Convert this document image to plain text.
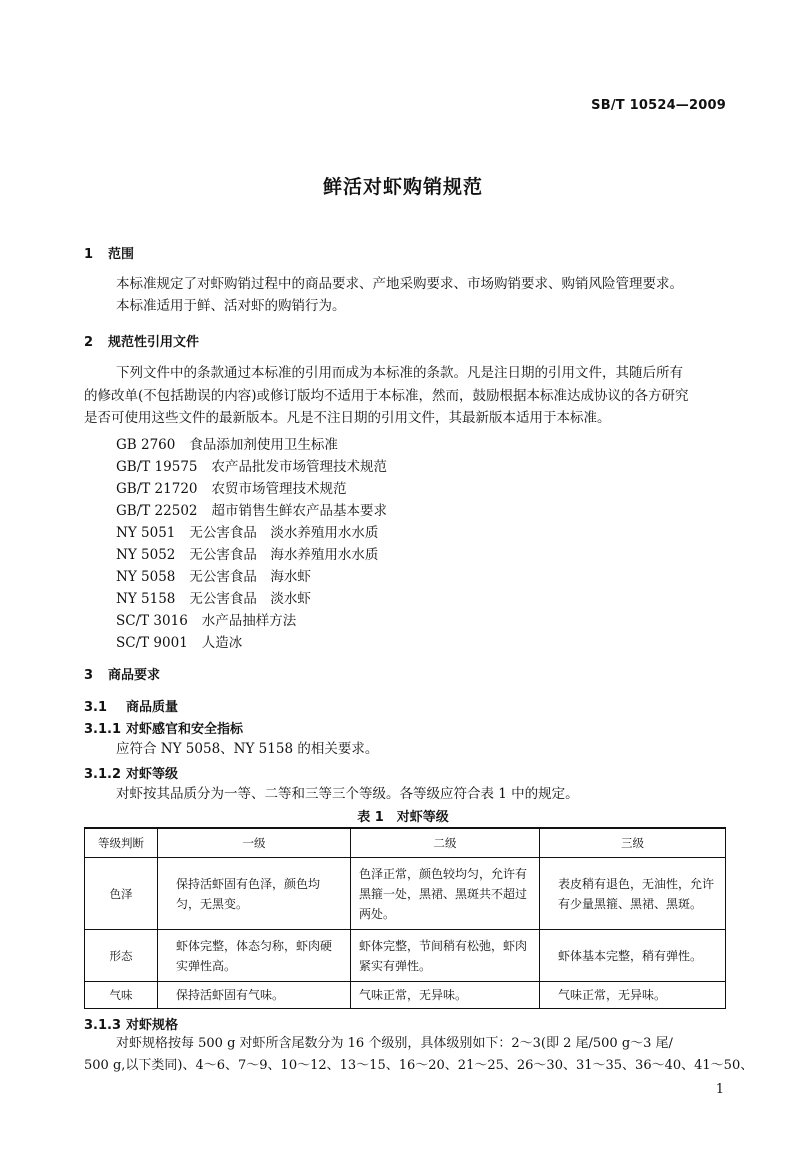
SB/T 10524—2009
鲜活对虾购销规范
1 范围
本标准规定了对虾购销过程中的商品要求、产地采购要求、市场购销要求、购销风险管理要求。
本标准适用于鲜、活对虾的购销行为。
2 规范性引用文件
下列文件中的条款通过本标准的引用而成为本标准的条款。凡是注日期的引用文件，其随后所有
的修改单(不包括勘误的内容)或修订版均不适用于本标准，然而，鼓励根据本标准达成协议的各方研究
是否可使用这些文件的最新版本。凡是不注日期的引用文件，其最新版本适用于本标准。
GB 2760 食品添加剂使用卫生标准
GB/T 19575 农产品批发市场管理技术规范
GB/T 21720 农贸市场管理技术规范
GB/T 22502 超市销售生鲜农产品基本要求
NY 5051 无公害食品　淡水养殖用水水质
NY 5052 无公害食品　海水养殖用水水质
NY 5058 无公害食品　海水虾
NY 5158 无公害食品　淡水虾
SC/T 3016 水产品抽样方法
SC/T 9001 人造冰
3 商品要求
3.1 商品质量
3.1.1 对虾感官和安全指标
应符合 NY 5058、NY 5158 的相关要求。
3.1.2 对虾等级
对虾按其品质分为一等、二等和三等三个等级。各等级应符合表 1 中的规定。
表 1　对虾等级
等级判断	一级	二级	三级
色泽	保持活虾固有色泽，颜色均匀，无黑变。	色泽正常，颜色较均匀，允许有黑箍一处，黑裙、黑斑共不超过两处。	表皮稍有退色，无油性，允许有少量黑箍、黑裙、黑斑。
形态	虾体完整，体态匀称，虾肉硬实弹性高。	虾体完整，节间稍有松弛，虾肉紧实有弹性。	虾体基本完整，稍有弹性。
气味	保持活虾固有气味。	气味正常，无异味。	气味正常，无异味。
3.1.3 对虾规格
对虾规格按每 500 g 对虾所含尾数分为 16 个级别，具体级别如下：2～3(即 2 尾/500 g～3 尾/
500 g,以下类同)、4～6、7～9、10～12、13～15、16～20、21～25、26～30、31～35、36～40、41～50、
1
